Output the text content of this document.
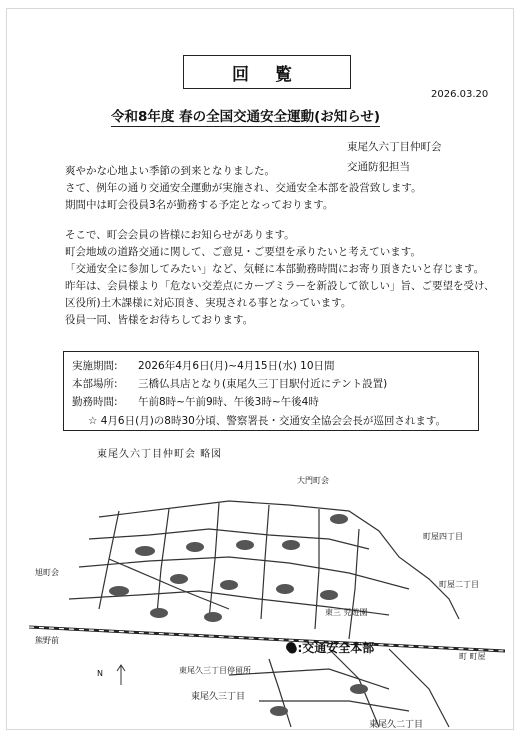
回 覧
2026.03.20
令和8年度 春の全国交通安全運動(お知らせ)
東尾久六丁目仲町会
交通防犯担当
爽やかな心地よい季節の到来となりました。
さて、例年の通り交通安全運動が実施され、交通安全本部を設営致します。
期間中は町会役員3名が勤務する予定となっております。
そこで、町会会員の皆様にお知らせがあります。
町会地域の道路交通に関して、ご意見・ご要望を承りたいと考えています。
「交通安全に参加してみたい」など、気軽に本部勤務時間にお寄り頂きたいと存じます。
昨年は、会員様より「危ない交差点にカーブミラーを新設して欲しい」旨、ご要望を受け、
区役所)土木課様に対応頂き、実現される事となっています。
役員一同、皆様をお待ちしております。
実施期間: 2026年4月6日(月)~4月15日(水) 10日間
本部場所: 三橋仏具店となり(東尾久三丁目駅付近にテント設置)
勤務時間: 午前8時~午前9時、午後3時~午後4時
☆ 4月6日(月)の8時30分頃、警察署長・交通安全協会会長が巡回されます。
東尾久六丁目仲町会 略図
大門町会
町屋四丁目
旭町会
町屋二丁目
熊野前
町 町屋
東三 児遊園
●:交通安全本部
東尾久三丁目停留所
東尾久三丁目
東尾久二丁目
N
